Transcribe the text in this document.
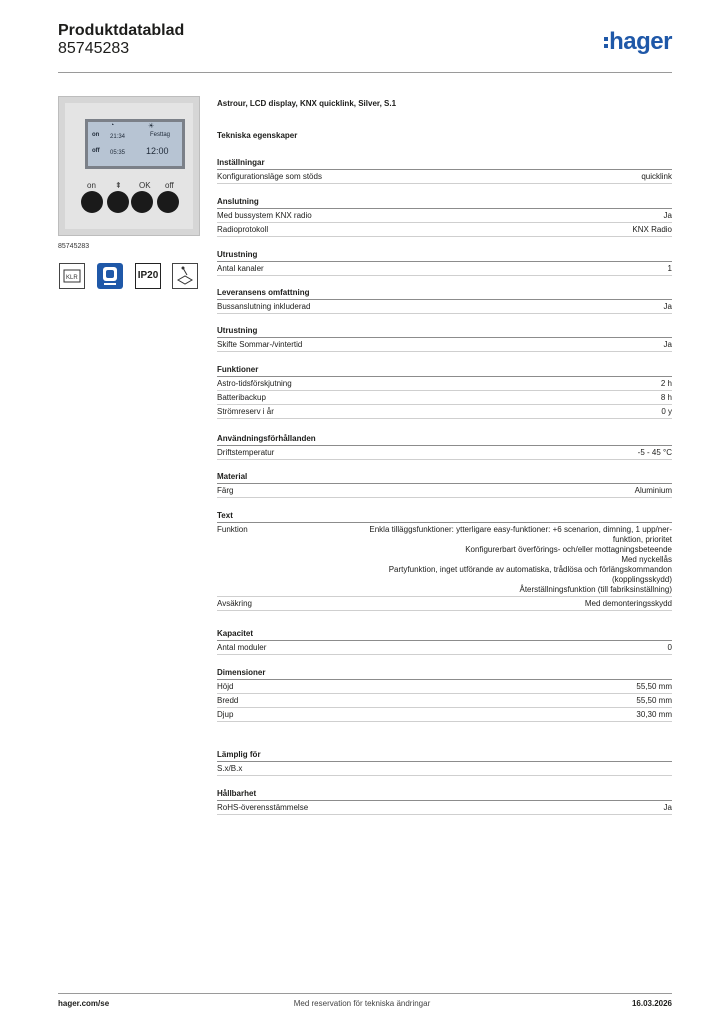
Produktdatablad
85745283	hager
on
off
21:34
05:35
Festtag
12:00
◔	☀
on ⇞ OK off
85745283
KLR	IP20
Astrour, LCD display, KNX quicklink, Silver, S.1
Tekniska egenskaper
Inställningar
Konfigurationsläge som stöds	quicklink
Anslutning
Med bussystem KNX radio	Ja
Radioprotokoll	KNX Radio
Utrustning
Antal kanaler	1
Leveransens omfattning
Bussanslutning inkluderad	Ja
Utrustning
Skifte Sommar-/vintertid	Ja
Funktioner
Astro-tidsförskjutning	2 h
Batteribackup	8 h
Strömreserv i år	0 y
Användningsförhållanden
Driftstemperatur	-5 - 45 °C
Material
Färg	Aluminium
Text
Funktion	Enkla tilläggsfunktioner: ytterligare easy-funktioner: +6 scenarion, dimning, 1 upp/ner-funktion, prioritet
Konfigurerbart överförings- och/eller mottagningsbeteende
Med nyckellås
Partyfunktion, inget utförande av automatiska, trådlösa och förlängskommandon (kopplingsskydd)
Återställningsfunktion (till fabriksinställning)
Avsäkring	Med demonteringsskydd
Kapacitet
Antal moduler	0
Dimensioner
Höjd	55,50 mm
Bredd	55,50 mm
Djup	30,30 mm
Lämplig för
S.x/B.x
Hållbarhet
RoHS-överensstämmelse	Ja
hager.com/se	Med reservation för tekniska ändringar	16.03.2026
